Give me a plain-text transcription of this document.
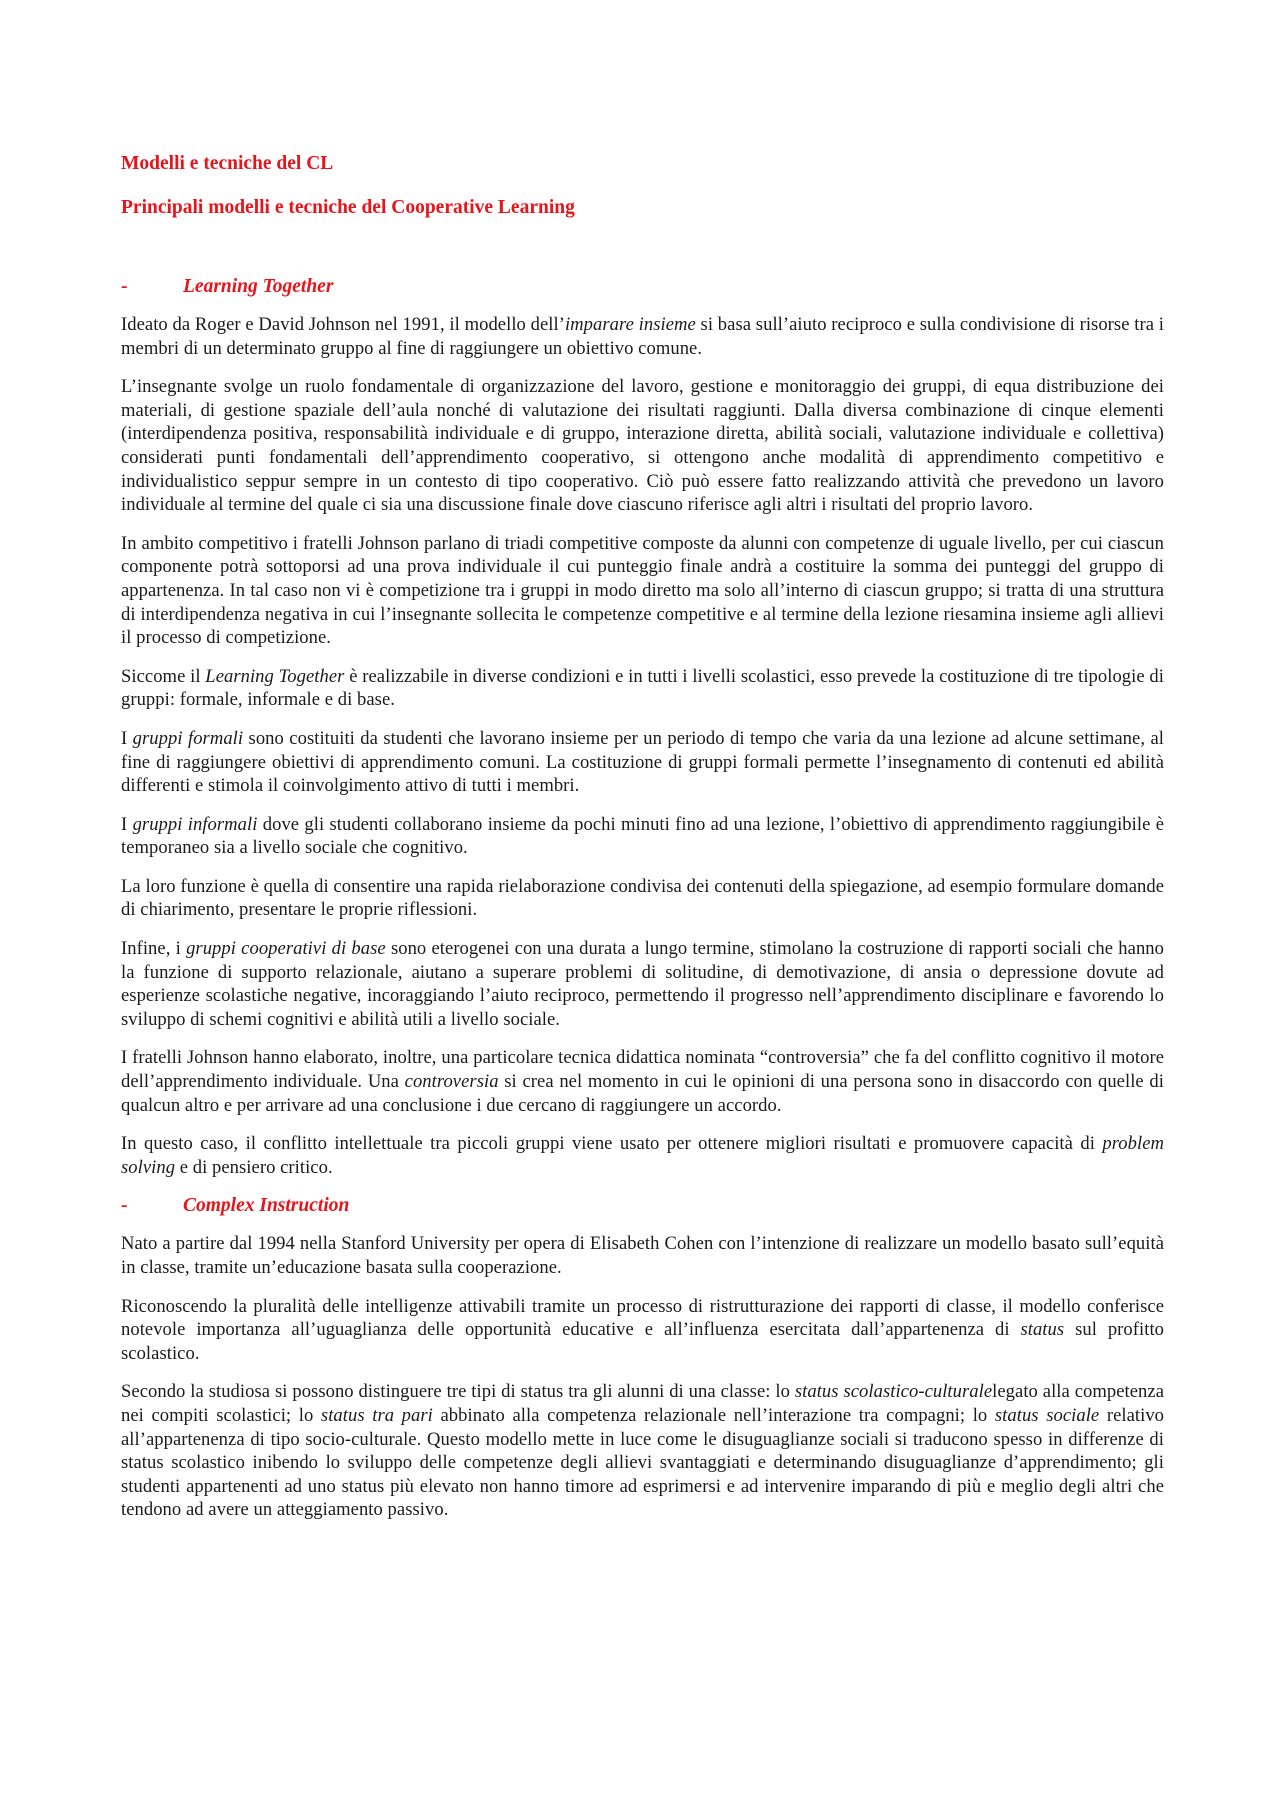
Modelli e tecniche del CL
Principali modelli e tecniche del Cooperative Learning
-	Learning Together

Ideato da Roger e David Johnson nel 1991, il modello dell’imparare insieme si basa sull’aiuto reciproco e sulla condivisione di risorse tra i membri di un determinato gruppo al fine di raggiungere un obiettivo comune.

L’insegnante svolge un ruolo fondamentale di organizzazione del lavoro, gestione e monitoraggio dei gruppi, di equa distribuzione dei materiali, di gestione spaziale dell’aula nonché di valutazione dei risultati raggiunti. Dalla diversa combinazione di cinque elementi (interdipendenza positiva, responsabilità individuale e di gruppo, interazione diretta, abilità sociali, valutazione individuale e collettiva) considerati punti fondamentali dell’apprendimento cooperativo, si ottengono anche modalità di apprendimento competitivo e individualistico seppur sempre in un contesto di tipo cooperativo. Ciò può essere fatto realizzando attività che prevedono un lavoro individuale al termine del quale ci sia una discussione finale dove ciascuno riferisce agli altri i risultati del proprio lavoro.

In ambito competitivo i fratelli Johnson parlano di triadi competitive composte da alunni con competenze di uguale livello, per cui ciascun componente potrà sottoporsi ad una prova individuale il cui punteggio finale andrà a costituire la somma dei punteggi del gruppo di appartenenza. In tal caso non vi è competizione tra i gruppi in modo diretto ma solo all’interno di ciascun gruppo; si tratta di una struttura di interdipendenza negativa in cui l’insegnante sollecita le competenze competitive e al termine della lezione riesamina insieme agli allievi il processo di competizione.

Siccome il Learning Together è realizzabile in diverse condizioni e in tutti i livelli scolastici, esso prevede la costituzione di tre tipologie di gruppi: formale, informale e di base.

I gruppi formali sono costituiti da studenti che lavorano insieme per un periodo di tempo che varia da una lezione ad alcune settimane, al fine di raggiungere obiettivi di apprendimento comuni. La costituzione di gruppi formali permette l’insegnamento di contenuti ed abilità differenti e stimola il coinvolgimento attivo di tutti i membri.

I gruppi informali dove gli studenti collaborano insieme da pochi minuti fino ad una lezione, l’obiettivo di apprendimento raggiungibile è temporaneo sia a livello sociale che cognitivo.

La loro funzione è quella di consentire una rapida rielaborazione condivisa dei contenuti della spiegazione, ad esempio formulare domande di chiarimento, presentare le proprie riflessioni.

Infine, i gruppi cooperativi di base sono eterogenei con una durata a lungo termine, stimolano la costruzione di rapporti sociali che hanno la funzione di supporto relazionale, aiutano a superare problemi di solitudine, di demotivazione, di ansia o depressione dovute ad esperienze scolastiche negative, incoraggiando l’aiuto reciproco, permettendo il progresso nell’apprendimento disciplinare e favorendo lo sviluppo di schemi cognitivi e abilità utili a livello sociale.

I fratelli Johnson hanno elaborato, inoltre, una particolare tecnica didattica nominata “controversia” che fa del conflitto cognitivo il motore dell’apprendimento individuale. Una controversia si crea nel momento in cui le opinioni di una persona sono in disaccordo con quelle di qualcun altro e per arrivare ad una conclusione i due cercano di raggiungere un accordo.

In questo caso, il conflitto intellettuale tra piccoli gruppi viene usato per ottenere migliori risultati e promuovere capacità di problem solving e di pensiero critico.

-	Complex Instruction

Nato a partire dal 1994 nella Stanford University per opera di Elisabeth Cohen con l’intenzione di realizzare un modello basato sull’equità in classe, tramite un’educazione basata sulla cooperazione.

Riconoscendo la pluralità delle intelligenze attivabili tramite un processo di ristrutturazione dei rapporti di classe, il modello conferisce notevole importanza all’uguaglianza delle opportunità educative e all’influenza esercitata dall’appartenenza di status sul profitto scolastico.

Secondo la studiosa si possono distinguere tre tipi di status tra gli alunni di una classe: lo status scolastico-culturalelegato alla competenza nei compiti scolastici; lo status tra pari abbinato alla competenza relazionale nell’interazione tra compagni; lo status sociale relativo all’appartenenza di tipo socio-culturale. Questo modello mette in luce come le disuguaglianze sociali si traducono spesso in differenze di status scolastico inibendo lo sviluppo delle competenze degli allievi svantaggiati e determinando disuguaglianze d’apprendimento; gli studenti appartenenti ad uno status più elevato non hanno timore ad esprimersi e ad intervenire imparando di più e meglio degli altri che tendono ad avere un atteggiamento passivo.
